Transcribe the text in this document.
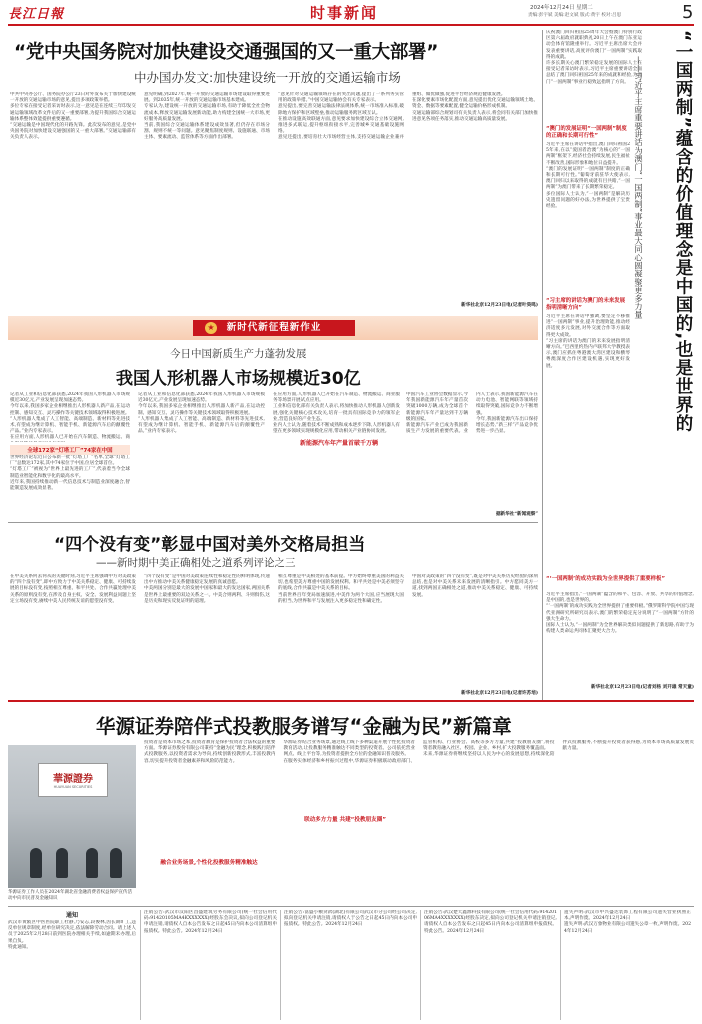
長江日報	时事新闻	2024年12月24日 星期二
责编:彭宇斌 美编:赵文斌 版式:黄宇 校对:吕思	5
“党中央国务院对加快建设交通强国的又一重大部署”
中办国办发文:加快建设统一开放的交通运输市场
中共中央办公厅、国务院办公厅23日对外发布关于加快建设统一开放的交通运输市场的意见,提出多项政策举措。
多位专家在接受记者采访时表示,这一意见是在连续三年印发交通运输领域改革文件后的又一重要部署,为提升我国综合交通运输体系整体效能提供重要遵循。
“交通运输是中国现代化的开路先锋。此次发布的意见,是党中央国务院对加快建设交通强国的又一重大部署。”交通运输部有关负责人表示。
意见明确,到2027年,统一开放的交通运输市场建设取得重要进展。到2035年,统一开放的交通运输市场基本建成。
专家认为,建设统一开放的交通运输市场,有助于降低全社会物流成本,释放交通运输发展新动能,助力构建全国统一大市场,更好服务高质量发展。
当前,我国综合交通运输体系建设成效显著,但仍存在市场分割、规则不统一等问题。意见聚焦制度规则、设施联通、市场主体、要素流动、监管体系等方面作出部署。
“意见针对交通运输领域存在的突出问题,提出了一系列务实管用的政策举措。”中国交通运输协会有关专家表示。
意见提出,要完善交通运输法律法规体系,统一市场准入标准,破除地方保护和区域壁垒,推动运输服务跨区域互认。
在推动设施高效联通方面,意见要求加快建设综合立体交通网,推进多式联运,提升枢纽衔接水平,完善城乡交通基础设施网络。
意见还提出,要培育壮大市场经营主体,支持交通运输企业兼并重组、做优做强,促进平台经济规范健康发展。
在深化要素市场化配置方面,意见提出优化交通运输领域土地、资金、数据等要素配置,健全运输价格形成机制。
交通运输部综合规划司有关负责人表示,将会同有关部门加快推进意见各项任务落实,推动交通运输高质量发展。
新华社北京12月23日电(记者叶昊鸣)
新时代新征程新作业
★
今日中国新质生产力蓬勃发展
我国人形机器人市场规模近30亿
记者从工业和信息化部获悉,2024年我国人形机器人市场规模近30亿元,产业发展呈现加速态势。
今年以来,我国多家企业相继推出人形机器人新产品,在运动控制、感知交互、灵巧操作等关键技术领域取得积极进展。
“人形机器人集成了人工智能、高端制造、新材料等先进技术,有望成为继计算机、智能手机、新能源汽车后的颠覆性产品。”业内专家表示。
在应用方面,人形机器人已开始在汽车制造、物流搬运、商

全球172家“灯塔工厂”74家在中国
世界经济论坛近日公布新一批“灯塔工厂”名单,全球“灯塔工厂”总数达172家,其中74家位于中国,位居全球首位。
“灯塔工厂”被视为“世界上最先进的工厂”,代表着当今全球制造业智能化和数字化的最高水平。
近年来,我国持续推动新一代信息技术与制造业深度融合,智能制造发展成效显著。
记者从工业和信息化部获悉,2024年我国人形机器人市场规模近30亿元,产业发展呈现加速态势。
今年以来,我国多家企业相继推出人形机器人新产品,在运动控制、感知交互、灵巧操作等关键技术领域取得积极进展。
“人形机器人集成了人工智能、高端制造、新材料等先进技术,有望成为继计算机、智能手机、新能源汽车后的颠覆性产品。”业内专家表示。
在应用方面,人形机器人已开始在汽车制造、物流搬运、商业服务等场景开展试点应用。
工业和信息化部有关负责人表示,将加快推动人形机器人创新发展,强化关键核心技术攻关,培育一批具有国际竞争力的领军企业,营造良好的产业生态。
业内人士认为,随着技术不断成熟和成本逐步下降,人形机器人有望在更多领域实现规模化应用,带动相关产业链协同发展。
新能源汽车年产量首破千万辆
中国汽车工业协会数据显示,今年我国新能源汽车年产量首次突破1000万辆,成为全球首个新能源汽车年产量达到千万辆级的国家。
新能源汽车产业已成为我国新质生产力发展的重要代表。业内人士表示,我国新能源汽车在动力电池、智能网联等领域持续取得突破,国际竞争力不断增强。
今年,我国新能源汽车出口保持增长态势,“新三样”产品竞争优势进一步凸显。
据新华社“新闻观察”
“四个没有变”彰显中国对美外交格局担当
——新时期中美正确相处之道系列评论之三
在中美关系何去何从的关键时刻,习近平主席强调中方对美政策的“四个没有变”,即中方致力于中美关系稳定、健康、可持续发展的目标没有变,按照相互尊重、和平共处、合作共赢处理中美关系的原则没有变,在涉及自身主权、安全、发展利益问题上坚定立场没有变,赓续中美人民传统友谊的愿望没有变。
“四个没有变”是中国对美政策连续性和稳定性的鲜明体现,传递出中方推动中美关系健康稳定发展的真诚意愿。
中美两国分别是最大的发展中国家和最大的发达国家,两国关系是世界上最重要的双边关系之一。中美合则两利、斗则俱伤,这是历史和现实反复证明的道理。
相互尊重是中美相处的基本前提。中方始终尊重美国的利益关切,也希望美方尊重中国的发展权利。和平共处是中美必须坚守的底线,合作共赢是中美关系的目标。
当前世界百年变局加速演进,中美作为两个大国,应当展现大国的担当,为世界和平与发展注入更多稳定性和确定性。
中国对美政策的“四个没有变”,既是对中美关系历史经验的深刻总结,也是对中美关系未来发展的清晰指引。中方愿同美方一道,找到两国正确相处之道,推动中美关系稳定、健康、可持续发展。
新华社北京12月23日电(记者许苏培)
庆祝澳门回归祖国25周年大会暨澳门特别行政区第六届政府就职典礼20日上午在澳门东亚运动会体育馆隆重举行。习近平主席出席大会并发表重要讲话,高度评价澳门“一国两制”实践取得的成就。
许多长期关心澳门繁荣稳定发展的国际人士在接受记者采访时表示,习近平主席重要讲话全面总结了澳门回归祖国25年来的成就和经验,为澳门“一国两制”事业行稳致远指明了方向。	“一国两制”蕴含的价值理念是中国的,也是世界的
——习近平主席重要讲话为澳门“一国两制”事业最大同心圆凝聚更多力量
“澳门的发展证明“一国两制”制度的正确和长期可行性”
习近平主席在讲话中指出,澳门回归祖国25年来,在以“爱国者治澳”为核心的“一国两制”框架下,经济社会持续发展,民生福祉不断改善,国际形象和地位日益提升。
“澳门的发展证明“一国两制”制度的正确和长期可行性。”葡萄牙前驻华大使表示,澳门回归以来取得的成就有目共睹,“一国两制”为澳门带来了长期繁荣稳定。
多位国际人士认为,“一国两制”是解决历史遗留问题的好办法,为世界提供了宝贵经验。
“习主席的讲话为澳门的未来发展指明清晰方向”
习近平主席在讲话中强调,要坚定不移推进“一国两制”事业,提升治理效能,推动经济适度多元发展,对外交流合作等方面取得更大成效。
“习主席的讲话为澳门的未来发展指明清晰方向。”巴西里约热内卢联邦大学教授表示,澳门应抓住粤港澳大湾区建设和横琴粤澳深度合作区建设机遇,实现更好发展。
“‘一国两制’的成功实践为全世界提供了重要样板”
习近平主席指出,“一国两制”蕴含的和平、包容、开放、共享的价值理念,是中国的,也是世界的。
“‘一国两制’的成功实践为全世界提供了重要样板。”俄罗斯科学院中国与现代亚洲研究所研究员表示,澳门的繁荣稳定充分说明了“一国两制”方针的强大生命力。
国际人士认为,“一国两制”为全世界解决类似问题提供了新思路,有助于为构建人类命运共同体汇聚更大合力。
新华社北京12月23日电(记者刘杨 刘开雄 常天童)
华源证券陪伴式投教服务谱写“金融为民”新篇章
華源證券
HUAYUAN SECURITIES
华源证券工作人员在2024年湖北省金融消费者权益保护宣传活动中向市民普及金融知识
融合业务场景,个性化投教服务精准触达
联动多方力量 共建“投教朋友圈”
投资者是资本市场之本,投资者教育是保护投资者合法权益的重要方面。华源证券股份有限公司秉持“金融为民”理念,积极践行陪伴式投教服务,以投资者需求为导向,持续创新投教形式,丰富投教内容,切实提升投资者金融素养和风险防范能力。
华源证券结合业务场景,通过线上线下多种渠道开展个性化投资者教育活动,让投教服务精准触达不同类型的投资者。公司依托营业网点、线上平台等,为投资者提供全方位的金融知识普及服务。
在服务实体经济和乡村振兴过程中,华源证券积极联动政府部门、监管机构、行业协会、高校等多方力量,共建“投教朋友圈”,将投资者教育融入社区、校园、企业、乡村,扩大投教服务覆盖面。
未来,华源证券将继续坚持以人民为中心的发展思想,持续深化陪伴式投教服务,不断提升投资者获得感,为资本市场高质量发展贡献力量。
通知
武汉市黄陂区中医医院职工杜静,乃安志,段俊林,因长期旷工,违反单位规章制度,经单位研究决定,依法解除劳动合同。请上述人员于2025年2月28日前到医院办理相关手续,如逾期未办理,后果自负。
特此通知。
注销公告:武汉市汉阳区昌盛建筑劳务有限公司(统一社会信用代码:91420105MA4KXXXXXX)经股东会决议,拟向公司登记机关申请注销,请债权人自本公告发布之日起45日内向本公司清算组申报债权。特此公告。2024年12月24日
注销公告:富盛小额贷款(湖北)有限公司武汉市分公司经公司决定,拟向登记机关申请注销,请债权人于公告之日起45日内向本公司申报债权。特此公告。2024年12月24日
注销公告:武汉楚天鑫源科技有限公司(统一社会信用代码:91420106MA4XXXXXXX)经股东决定,拟向公司登记机关申请注销登记,请债权人自本公告发布之日起45日内向本公司清算组申报债权。特此公告。2024年12月24日
遗失声明:武汉市中兴盛达装饰工程有限公司遗失营业执照正本,声明作废。2024年12月24日
遗失声明:武汉万象物业有限公司遗失公章一枚,声明作废。2024年12月24日
